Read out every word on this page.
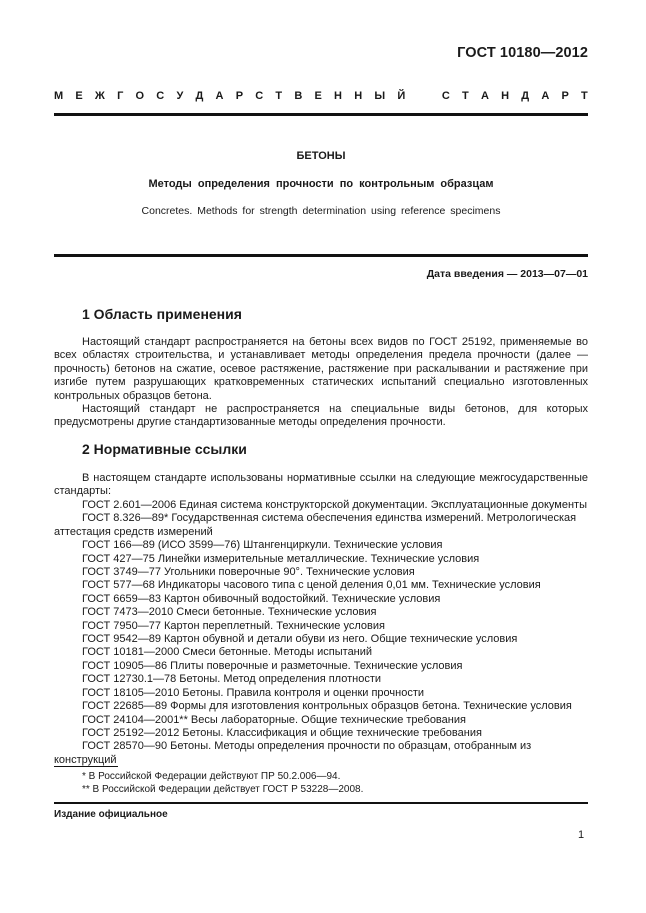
ГОСТ 10180—2012
М Е Ж Г О С У Д А Р С Т В Е Н Н Ы Й	С Т А Н Д А Р Т
БЕТОНЫ
Методы определения прочности по контрольным образцам
Concretes. Methods for strength determination using reference specimens
Дата введения — 2013—07—01
1 Область применения

Настоящий стандарт распространяется на бетоны всех видов по ГОСТ 25192, применяемые во всех областях строительства, и устанавливает методы определения предела прочности (далее — прочность) бетонов на сжатие, осевое растяжение, растяжение при раскалывании и растяжение при изгибе путем разрушающих кратковременных статических испытаний специально изготовленных контрольных образцов бетона.

Настоящий стандарт не распространяется на специальные виды бетонов, для которых предусмотрены другие стандартизованные методы определения прочности.

2 Нормативные ссылки

В настоящем стандарте использованы нормативные ссылки на следующие межгосударственные стандарты:

ГОСТ 2.601—2006 Единая система конструкторской документации. Эксплуатационные документы

ГОСТ 8.326—89* Государственная система обеспечения единства измерений. Метрологическая аттестация средств измерений

ГОСТ 166—89 (ИСО 3599—76) Штангенциркули. Технические условия

ГОСТ 427—75 Линейки измерительные металлические. Технические условия

ГОСТ 3749—77 Угольники поверочные 90°. Технические условия

ГОСТ 577—68 Индикаторы часового типа с ценой деления 0,01 мм. Технические условия

ГОСТ 6659—83 Картон обивочный водостойкий. Технические условия

ГОСТ 7473—2010 Смеси бетонные. Технические условия

ГОСТ 7950—77 Картон переплетный. Технические условия

ГОСТ 9542—89 Картон обувной и детали обуви из него. Общие технические условия

ГОСТ 10181—2000 Смеси бетонные. Методы испытаний

ГОСТ 10905—86 Плиты поверочные и разметочные. Технические условия

ГОСТ 12730.1—78 Бетоны. Метод определения плотности

ГОСТ 18105—2010 Бетоны. Правила контроля и оценки прочности

ГОСТ 22685—89 Формы для изготовления контрольных образцов бетона. Технические условия

ГОСТ 24104—2001** Весы лабораторные. Общие технические требования

ГОСТ 25192—2012 Бетоны. Классификация и общие технические требования

ГОСТ 28570—90 Бетоны. Методы определения прочности по образцам, отобранным из конструкций

* В Российской Федерации действуют ПР 50.2.006—94.
** В Российской Федерации действует ГОСТ Р 53228—2008.
Издание официальное
1
